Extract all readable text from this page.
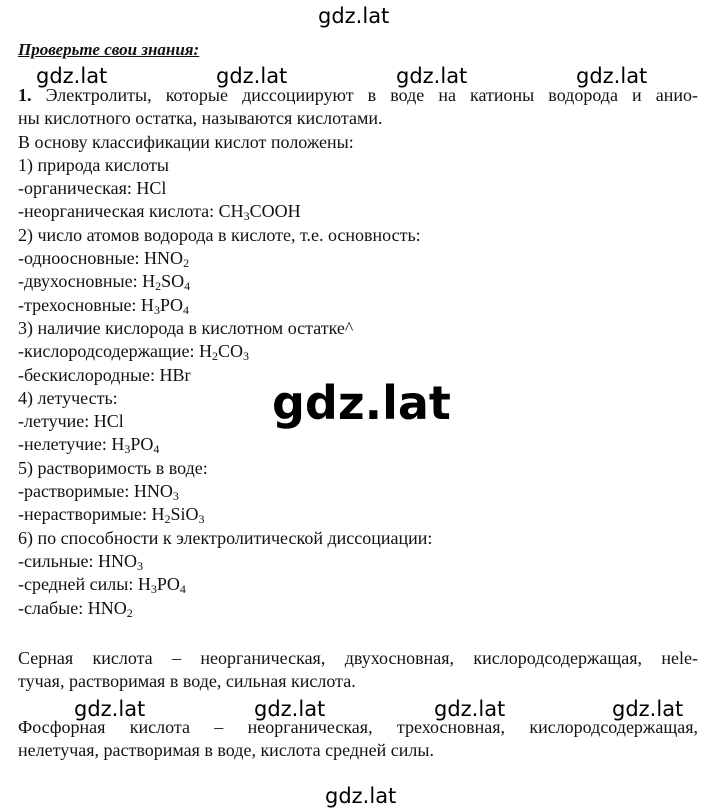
gdz.lat
gdz.lat	gdz.lat	gdz.lat	gdz.lat
gdz.lat
gdz.lat	gdz.lat	gdz.lat	gdz.lat
gdz.lat
Проверьте свои знания:
1. Электролиты, которые диссоциируют в воде на катионы водорода и анио-
ны кислотного остатка, называются кислотами.
В основу классификации кислот положены:
1) природа кислоты
-органическая: HCl
-неорганическая кислота: $CH_3COOH$
2) число атомов водорода в кислоте, т.е. основность:
-одноосновные: $HNO_2$
-двухосновные: $H_2SO_4$
-трехосновные: $H_3PO_4$
3) наличие кислорода в кислотном остатке^
-кислородсодержащие: $H_2CO_3$
-бескислородные: HBr
4) летучесть:
-летучие: HCl
-нелетучие: $H_3PO_4$
5) растворимость в воде:
-растворимые: $HNO_3$
-нерастворимые: $H_2SiO_3$
6) по способности к электролитической диссоциации:
-сильные: $HNO_3$
-средней силы: $H_3PO_4$
-слабые: $HNO_2$
Серная кислота – неорганическая, двухосновная, кислородсодержащая, нele-
тучая, растворимая в воде, сильная кислота.
Фосфорная кислота – неорганическая, трехосновная, кислородсодержащая,
нелетучая, растворимая в воде, кислота средней силы.
